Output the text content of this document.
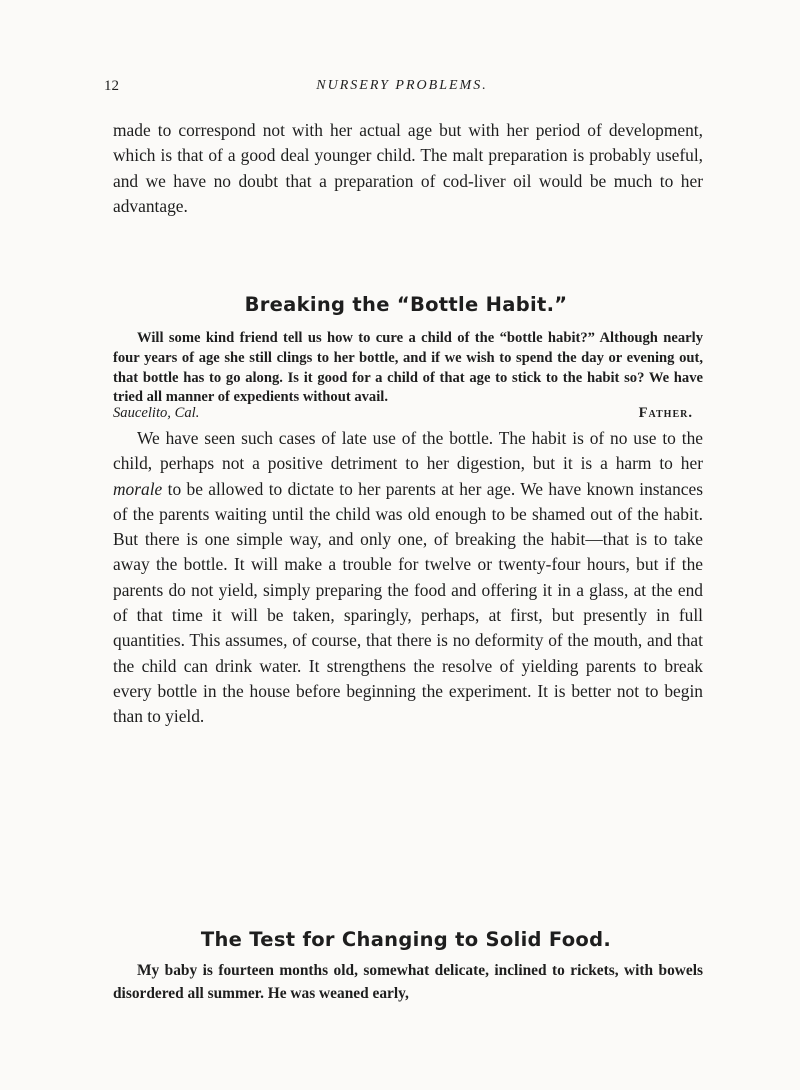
12	NURSERY PROBLEMS.

made to correspond not with her actual age but with her period of development, which is that of a good deal younger child. The malt preparation is probably useful, and we have no doubt that a preparation of cod-liver oil would be much to her advantage.

Breaking the “Bottle Habit.”

Will some kind friend tell us how to cure a child of the “bottle habit?” Although nearly four years of age she still clings to her bottle, and if we wish to spend the day or evening out, that bottle has to go along. Is it good for a child of that age to stick to the habit so? We have tried all manner of expedients without avail.

Saucelito, Cal.	Father.

We have seen such cases of late use of the bottle. The habit is of no use to the child, perhaps not a positive detriment to her digestion, but it is a harm to her morale to be allowed to dictate to her parents at her age. We have known instances of the parents waiting until the child was old enough to be shamed out of the habit. But there is one simple way, and only one, of breaking the habit—that is to take away the bottle. It will make a trouble for twelve or twenty-four hours, but if the parents do not yield, simply preparing the food and offering it in a glass, at the end of that time it will be taken, sparingly, perhaps, at first, but presently in full quantities. This assumes, of course, that there is no deformity of the mouth, and that the child can drink water. It strengthens the resolve of yielding parents to break every bottle in the house before beginning the experiment. It is better not to begin than to yield.

The Test for Changing to Solid Food.

My baby is fourteen months old, somewhat delicate, inclined to rickets, with bowels disordered all summer. He was weaned early,
